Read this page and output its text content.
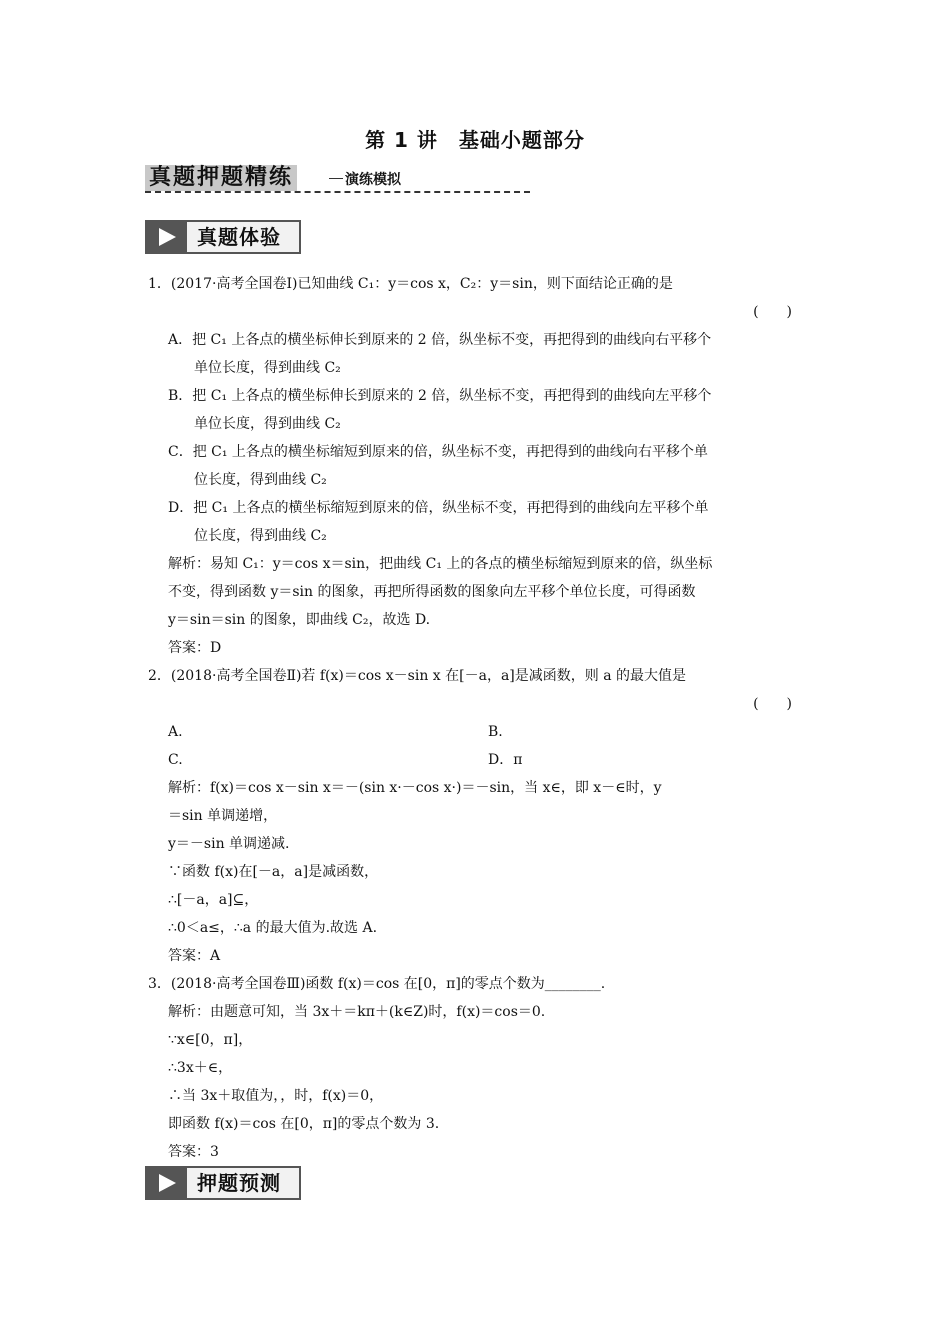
第 1 讲　基础小题部分
真题押题精练	演练模拟
真题体验
1．(2017·高考全国卷Ⅰ)已知曲线 C₁：y＝cos x，C₂：y＝sin，则下面结论正确的是
(　　)
A．把 C₁ 上各点的横坐标伸长到原来的 2 倍，纵坐标不变，再把得到的曲线向右平移个
单位长度，得到曲线 C₂
B．把 C₁ 上各点的横坐标伸长到原来的 2 倍，纵坐标不变，再把得到的曲线向左平移个
单位长度，得到曲线 C₂
C．把 C₁ 上各点的横坐标缩短到原来的倍，纵坐标不变，再把得到的曲线向右平移个单
位长度，得到曲线 C₂
D．把 C₁ 上各点的横坐标缩短到原来的倍，纵坐标不变，再把得到的曲线向左平移个单
位长度，得到曲线 C₂
解析：易知 C₁：y＝cos x＝sin，把曲线 C₁ 上的各点的横坐标缩短到原来的倍，纵坐标
不变，得到函数 y＝sin 的图象，再把所得函数的图象向左平移个单位长度，可得函数
y＝sin＝sin 的图象，即曲线 C₂，故选 D.
答案：D
2．(2018·高考全国卷Ⅱ)若 f(x)＝cos x－sin x 在[－a，a]是减函数，则 a 的最大值是
(　　)
A.	B.
C.	D．π
解析：f(x)＝cos x－sin x＝－(sin x·－cos x·)＝－sin，当 x∈，即 x－∈时，y
＝sin 单调递增，
y＝－sin 单调递减.
∵函数 f(x)在[－a，a]是减函数，
∴[－a，a]⊆，
∴0＜a≤，∴a 的最大值为.故选 A.
答案：A
3．(2018·高考全国卷Ⅲ)函数 f(x)＝cos 在[0，π]的零点个数为________.
解析：由题意可知，当 3x＋＝kπ＋(k∈Z)时，f(x)＝cos＝0.
∵x∈[0，π]，
∴3x＋∈，
∴当 3x＋取值为，，时，f(x)＝0，
即函数 f(x)＝cos 在[0，π]的零点个数为 3.
答案：3
押题预测
